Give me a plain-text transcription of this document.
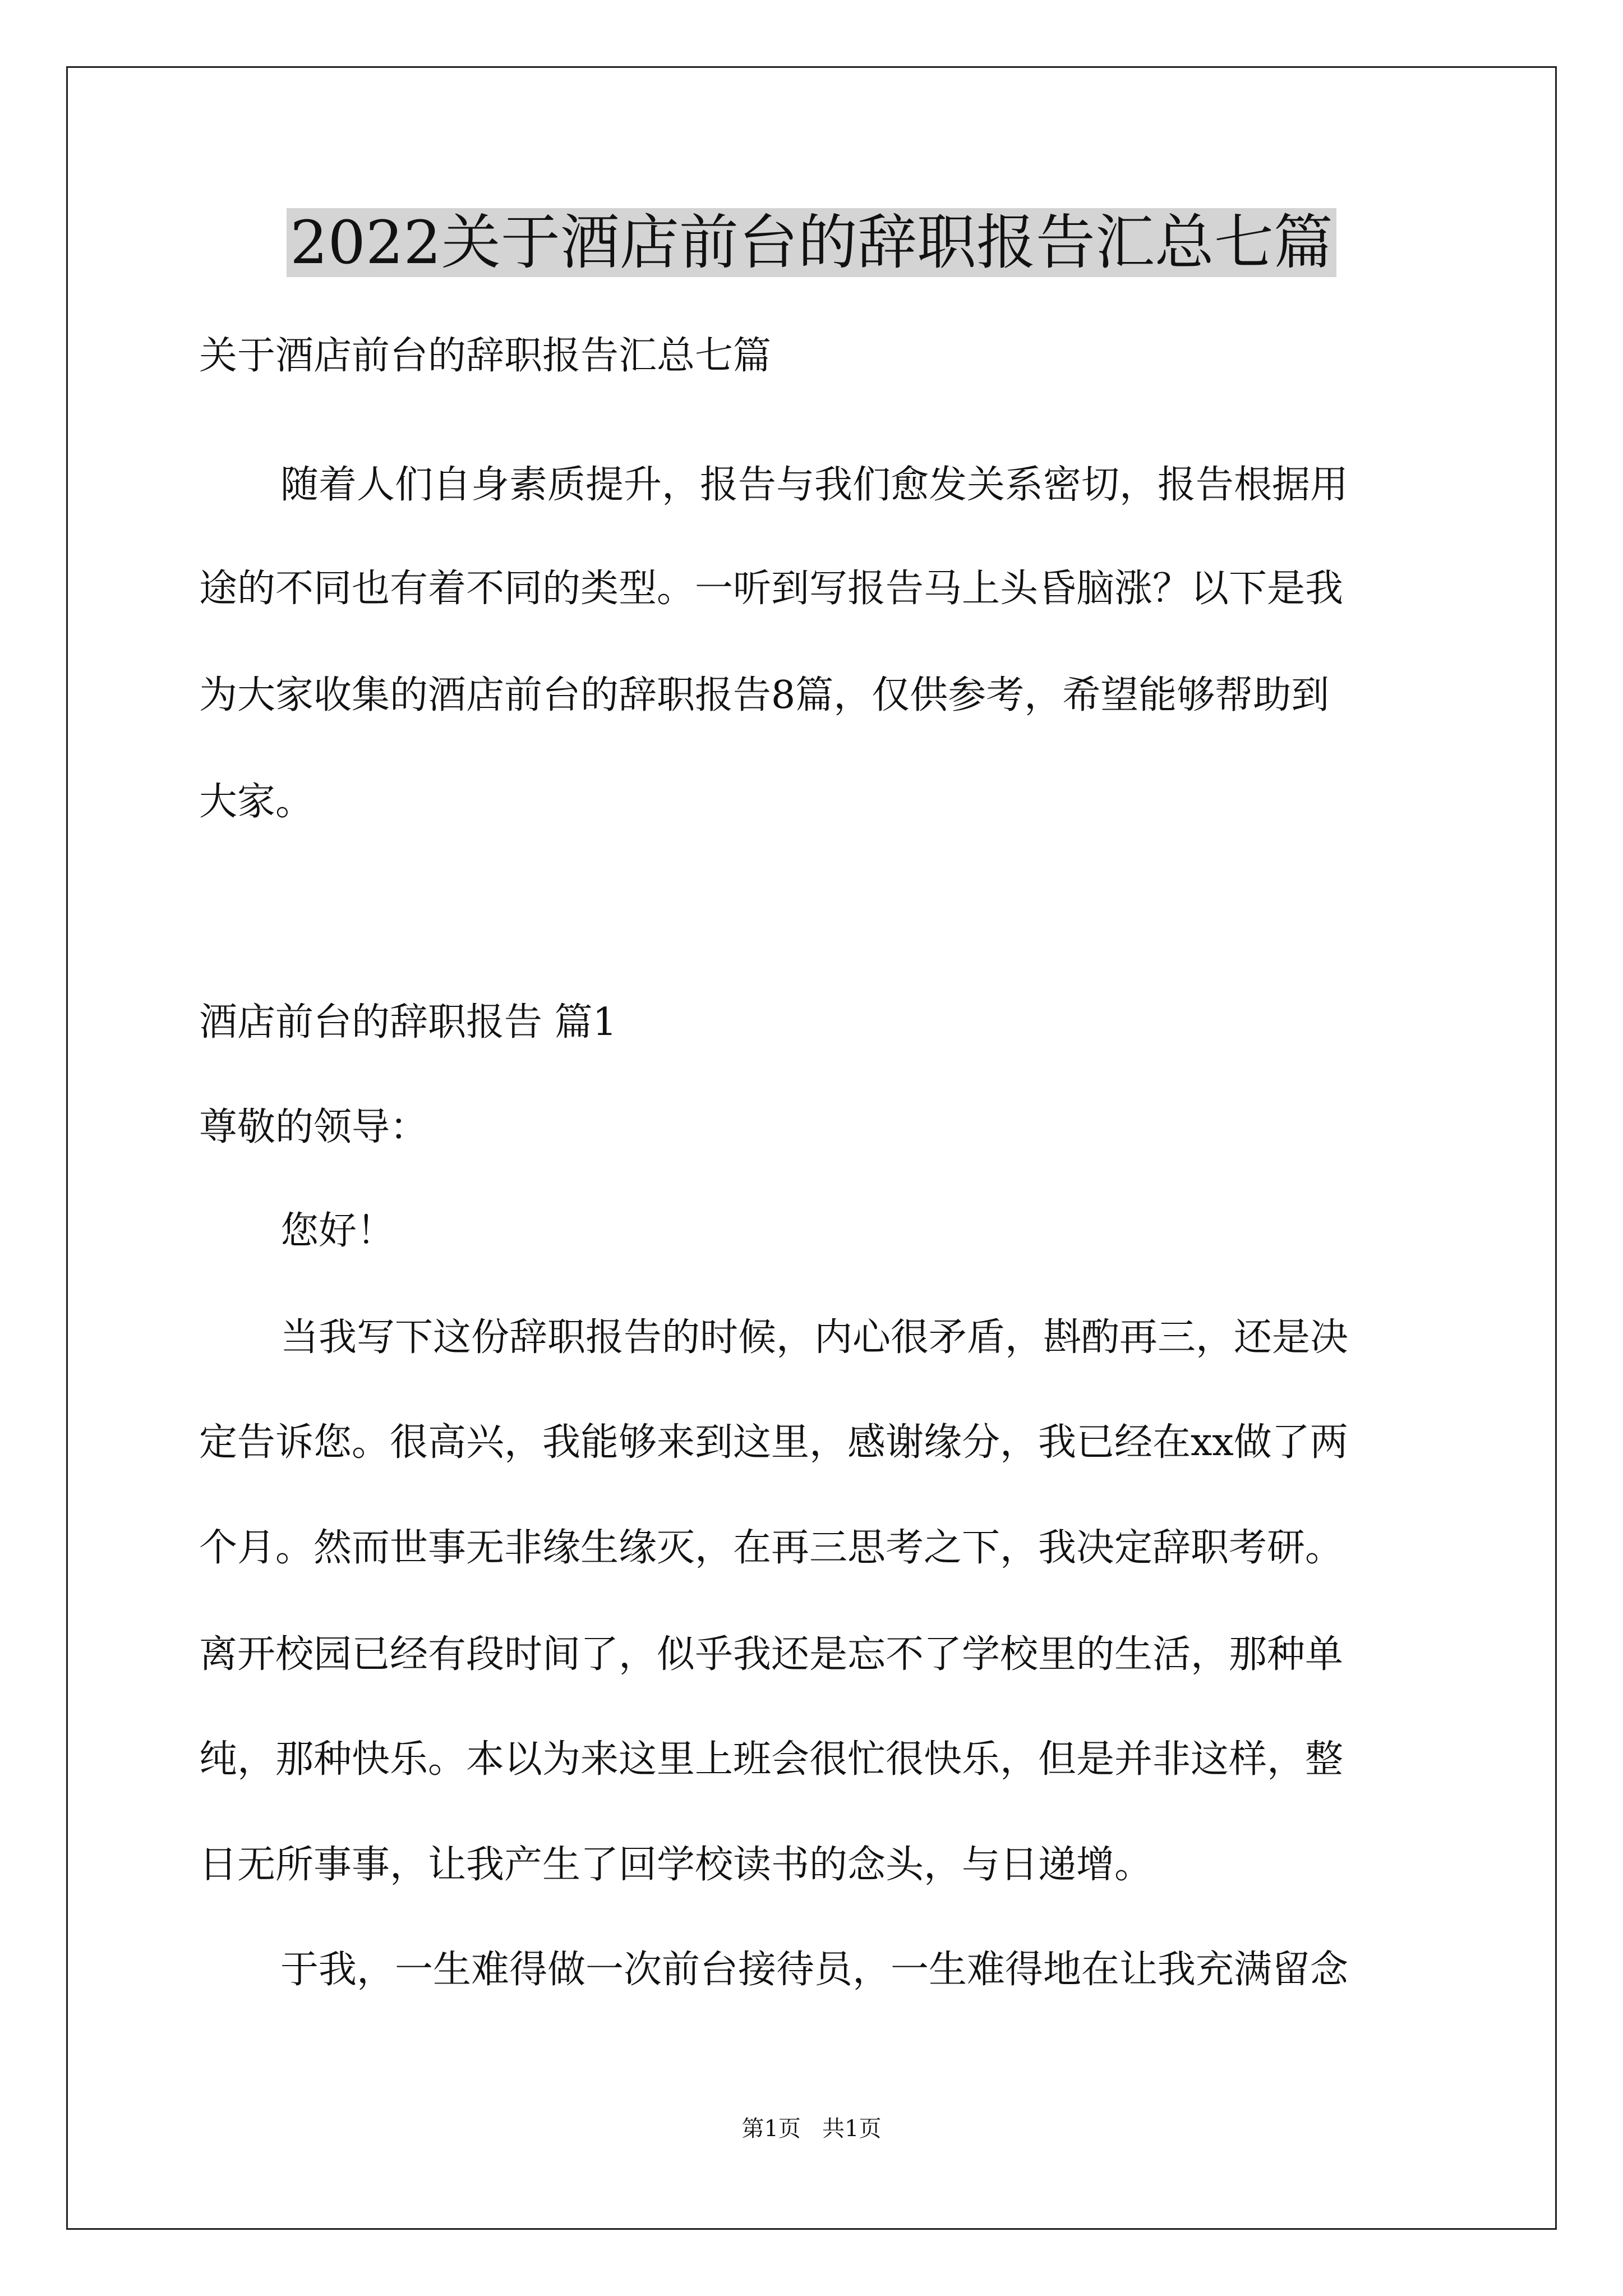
2022关于酒店前台的辞职报告汇总七篇

关于酒店前台的辞职报告汇总七篇

随着人们自身素质提升，报告与我们愈发关系密切，报告根据用

途的不同也有着不同的类型。一听到写报告马上头昏脑涨？以下是我

为大家收集的酒店前台的辞职报告8篇，仅供参考，希望能够帮助到

大家。

酒店前台的辞职报告 篇1

尊敬的领导：

您好！

当我写下这份辞职报告的时候，内心很矛盾，斟酌再三，还是决

定告诉您。很高兴，我能够来到这里，感谢缘分，我已经在xx做了两

个月。然而世事无非缘生缘灭，在再三思考之下，我决定辞职考研。

离开校园已经有段时间了，似乎我还是忘不了学校里的生活，那种单

纯，那种快乐。本以为来这里上班会很忙很快乐，但是并非这样，整

日无所事事，让我产生了回学校读书的念头，与日递增。

于我，一生难得做一次前台接待员，一生难得地在让我充满留念

第1页   共1页
